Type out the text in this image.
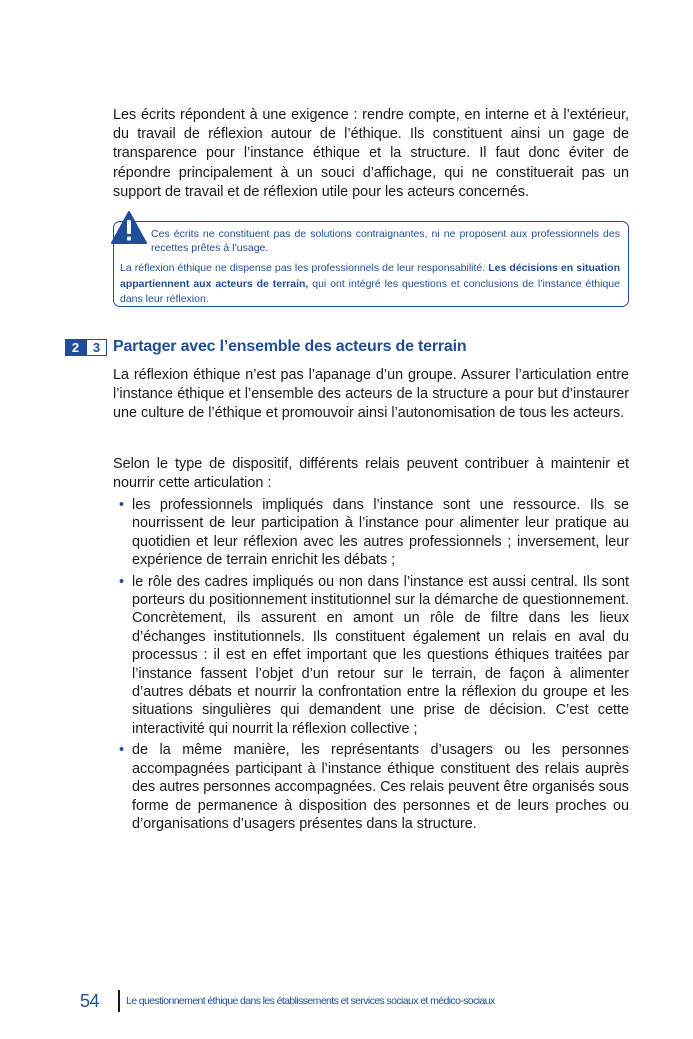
Les écrits répondent à une exigence : rendre compte, en interne et à l’extérieur, du travail de réflexion autour de l’éthique. Ils constituent ainsi un gage de transparence pour l’instance éthique et la structure. Il faut donc éviter de répondre principalement à un souci d’affichage, qui ne constituerait pas un support de travail et de réflexion utile pour les acteurs concernés.

Ces écrits ne constituent pas de solutions contraignantes, ni ne proposent aux professionnels des recettes prêtes à l’usage.
La réflexion éthique ne dispense pas les professionnels de leur responsabilité. Les décisions en situation appartiennent aux acteurs de terrain, qui ont intégré les questions et conclusions de l’instance éthique dans leur réflexion.
2	3 Partager avec l’ensemble des acteurs de terrain

La réflexion éthique n’est pas l’apanage d’un groupe. Assurer l’articulation entre l’instance éthique et l’ensemble des acteurs de la structure a pour but d’instaurer une culture de l’éthique et promouvoir ainsi l’autonomisation de tous les acteurs.

Selon le type de dispositif, différents relais peuvent contribuer à maintenir et nourrir cette articulation :

• les professionnels impliqués dans l’instance sont une ressource. Ils se nourrissent de leur participation à l’instance pour alimenter leur pratique au quotidien et leur réflexion avec les autres professionnels ; inversement, leur expérience de terrain enrichit les débats ;
• le rôle des cadres impliqués ou non dans l’instance est aussi central. Ils sont porteurs du positionnement institutionnel sur la démarche de questionnement. Concrètement, ils assurent en amont un rôle de filtre dans les lieux d’échanges institutionnels. Ils constituent également un relais en aval du processus : il est en effet important que les questions éthiques traitées par l’instance fassent l’objet d’un retour sur le terrain, de façon à alimenter d’autres débats et nourrir la confrontation entre la réflexion du groupe et les situations singulières qui demandent une prise de décision. C’est cette interactivité qui nourrit la réflexion collective ;
• de la même manière, les représentants d’usagers ou les personnes accompagnées participant à l’instance éthique constituent des relais auprès des autres personnes accompagnées. Ces relais peuvent être organisés sous forme de permanence à disposition des personnes et de leurs proches ou d’organisations d’usagers présentes dans la structure.
54	Le questionnement éthique dans les établissements et services sociaux et médico-sociaux
